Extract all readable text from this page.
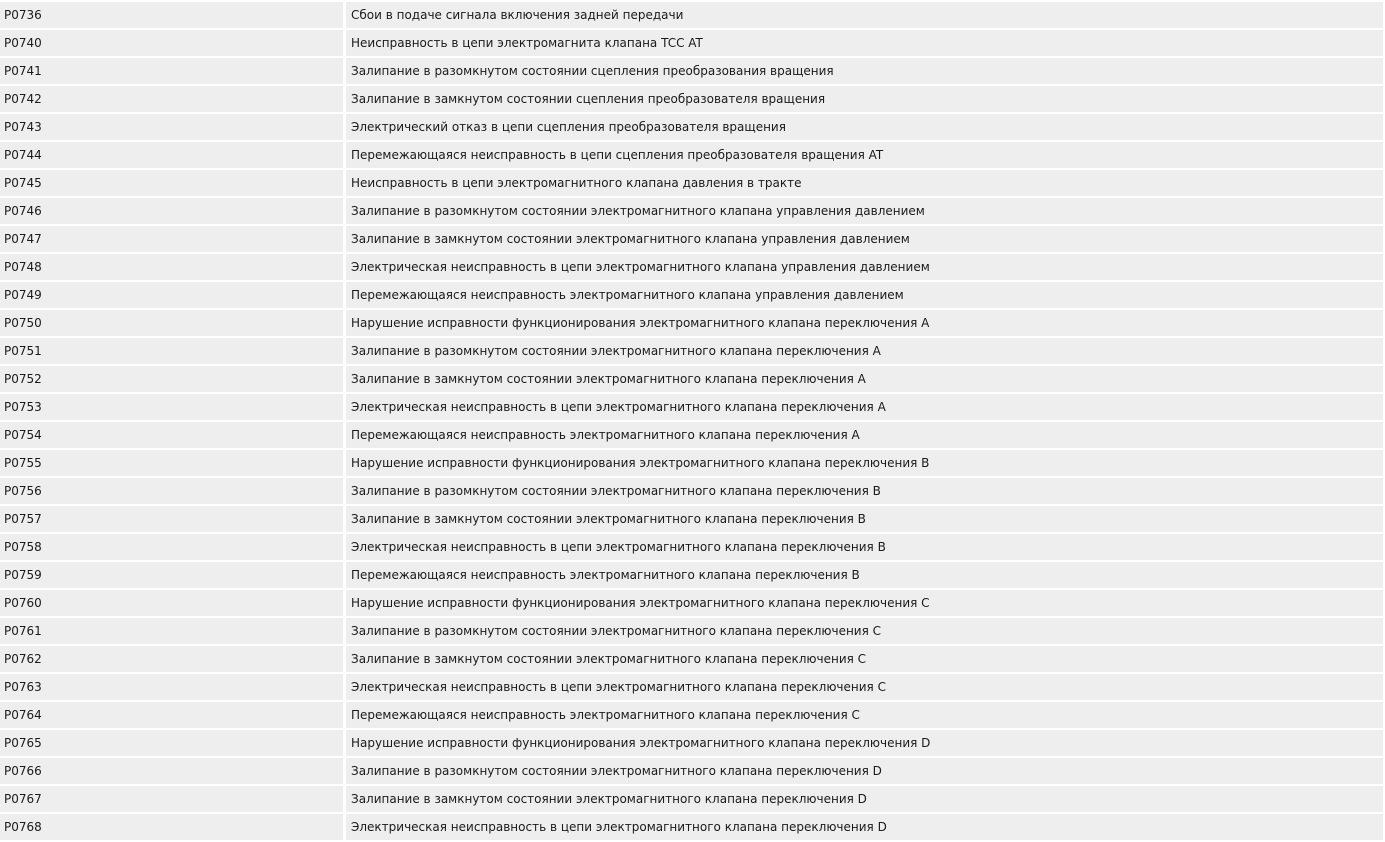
P0736	Сбои в подаче сигнала включения задней передачи
P0740	Неисправность в цепи электромагнита клапана TCC AT
P0741	Залипание в разомкнутом состоянии сцепления преобразования вращения
P0742	Залипание в замкнутом состоянии сцепления преобразователя вращения
P0743	Электрический отказ в цепи сцепления преобразователя вращения
P0744	Перемежающаяся неисправность в цепи сцепления преобразователя вращения AT
P0745	Неисправность в цепи электромагнитного клапана давления в тракте
P0746	Залипание в разомкнутом состоянии электромагнитного клапана управления давлением
P0747	Залипание в замкнутом состоянии электромагнитного клапана управления давлением
P0748	Электрическая неисправность в цепи электромагнитного клапана управления давлением
P0749	Перемежающаяся неисправность электромагнитного клапана управления давлением
P0750	Нарушение исправности функционирования электромагнитного клапана переключения A
P0751	Залипание в разомкнутом состоянии электромагнитного клапана переключения A
P0752	Залипание в замкнутом состоянии электромагнитного клапана переключения A
P0753	Электрическая неисправность в цепи электромагнитного клапана переключения A
P0754	Перемежающаяся неисправность электромагнитного клапана переключения A
P0755	Нарушение исправности функционирования электромагнитного клапана переключения B
P0756	Залипание в разомкнутом состоянии электромагнитного клапана переключения B
P0757	Залипание в замкнутом состоянии электромагнитного клапана переключения B
P0758	Электрическая неисправность в цепи электромагнитного клапана переключения B
P0759	Перемежающаяся неисправность электромагнитного клапана переключения B
P0760	Нарушение исправности функционирования электромагнитного клапана переключения C
P0761	Залипание в разомкнутом состоянии электромагнитного клапана переключения C
P0762	Залипание в замкнутом состоянии электромагнитного клапана переключения C
P0763	Электрическая неисправность в цепи электромагнитного клапана переключения C
P0764	Перемежающаяся неисправность электромагнитного клапана переключения C
P0765	Нарушение исправности функционирования электромагнитного клапана переключения D
P0766	Залипание в разомкнутом состоянии электромагнитного клапана переключения D
P0767	Залипание в замкнутом состоянии электромагнитного клапана переключения D
P0768	Электрическая неисправность в цепи электромагнитного клапана переключения D
